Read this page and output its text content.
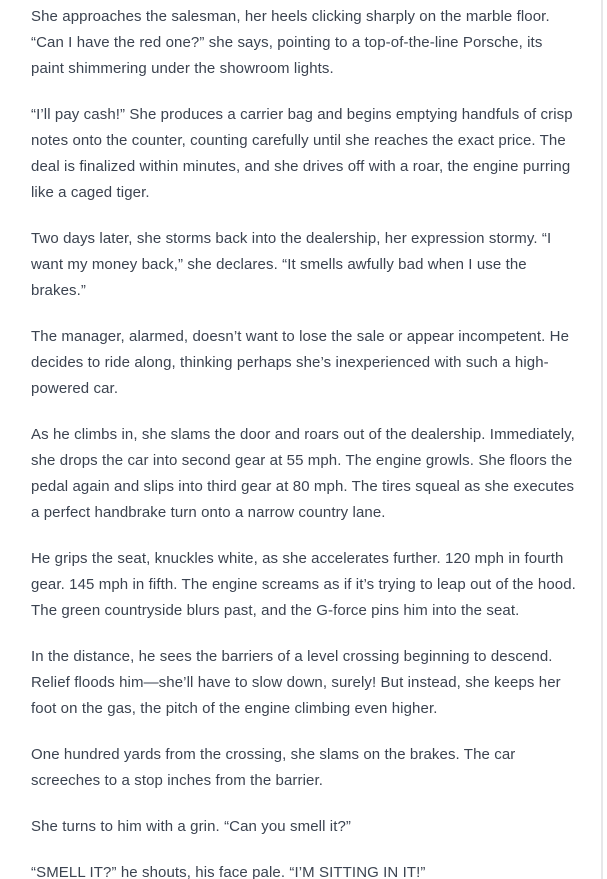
She approaches the salesman, her heels clicking sharply on the marble floor. “Can I have the red one?” she says, pointing to a top-of-the-line Porsche, its paint shimmering under the showroom lights.

“I’ll pay cash!” She produces a carrier bag and begins emptying handfuls of crisp notes onto the counter, counting carefully until she reaches the exact price. The deal is finalized within minutes, and she drives off with a roar, the engine purring like a caged tiger.

Two days later, she storms back into the dealership, her expression stormy. “I want my money back,” she declares. “It smells awfully bad when I use the brakes.”

The manager, alarmed, doesn’t want to lose the sale or appear incompetent. He decides to ride along, thinking perhaps she’s inexperienced with such a high-powered car.

As he climbs in, she slams the door and roars out of the dealership. Immediately, she drops the car into second gear at 55 mph. The engine growls. She floors the pedal again and slips into third gear at 80 mph. The tires squeal as she executes a perfect handbrake turn onto a narrow country lane.

He grips the seat, knuckles white, as she accelerates further. 120 mph in fourth gear. 145 mph in fifth. The engine screams as if it’s trying to leap out of the hood. The green countryside blurs past, and the G-force pins him into the seat.

In the distance, he sees the barriers of a level crossing beginning to descend. Relief floods him—she’ll have to slow down, surely! But instead, she keeps her foot on the gas, the pitch of the engine climbing even higher.

One hundred yards from the crossing, she slams on the brakes. The car screeches to a stop inches from the barrier.

She turns to him with a grin. “Can you smell it?”

“SMELL IT?” he shouts, his face pale. “I’M SITTING IN IT!”
